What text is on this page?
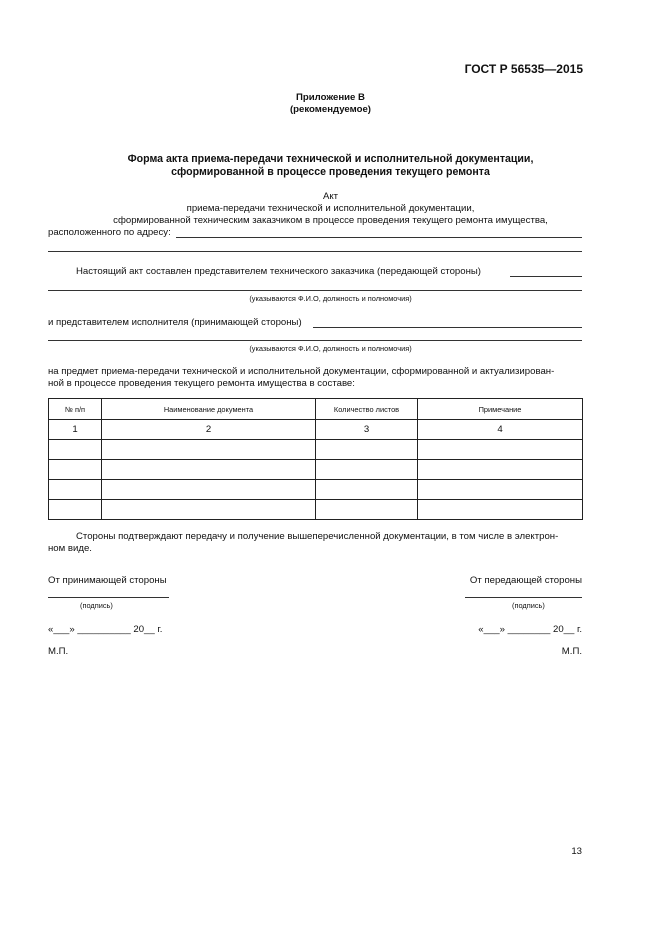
ГОСТ Р 56535—2015
Приложение В
(рекомендуемое)
Форма акта приема-передачи технической и исполнительной документации,
сформированной в процессе проведения текущего ремонта
Акт
приема-передачи технической и исполнительной документации,
сформированной техническим заказчиком в процессе проведения текущего ремонта имущества,
расположенного по адресу:
Настоящий акт составлен представителем технического заказчика (передающей стороны)
(указываются Ф.И.О, должность и полномочия)
и представителем исполнителя (принимающей стороны)
(указываются Ф.И.О, должность и полномочия)
на предмет приема-передачи технической и исполнительной документации, сформированной и актуализирован-
ной в процессе проведения текущего ремонта имущества в составе:
№ п/п	Наименование документа	Количество листов	Примечание
1	2	3	4

Стороны подтверждают передачу и получение вышеперечисленной документации, в том числе в электрон-
ном виде.
От принимающей стороны	От передающей стороны
(подпись)	(подпись)
«___» __________ 20__ г.	«___» ________ 20__ г.
М.П.	М.П.
13
